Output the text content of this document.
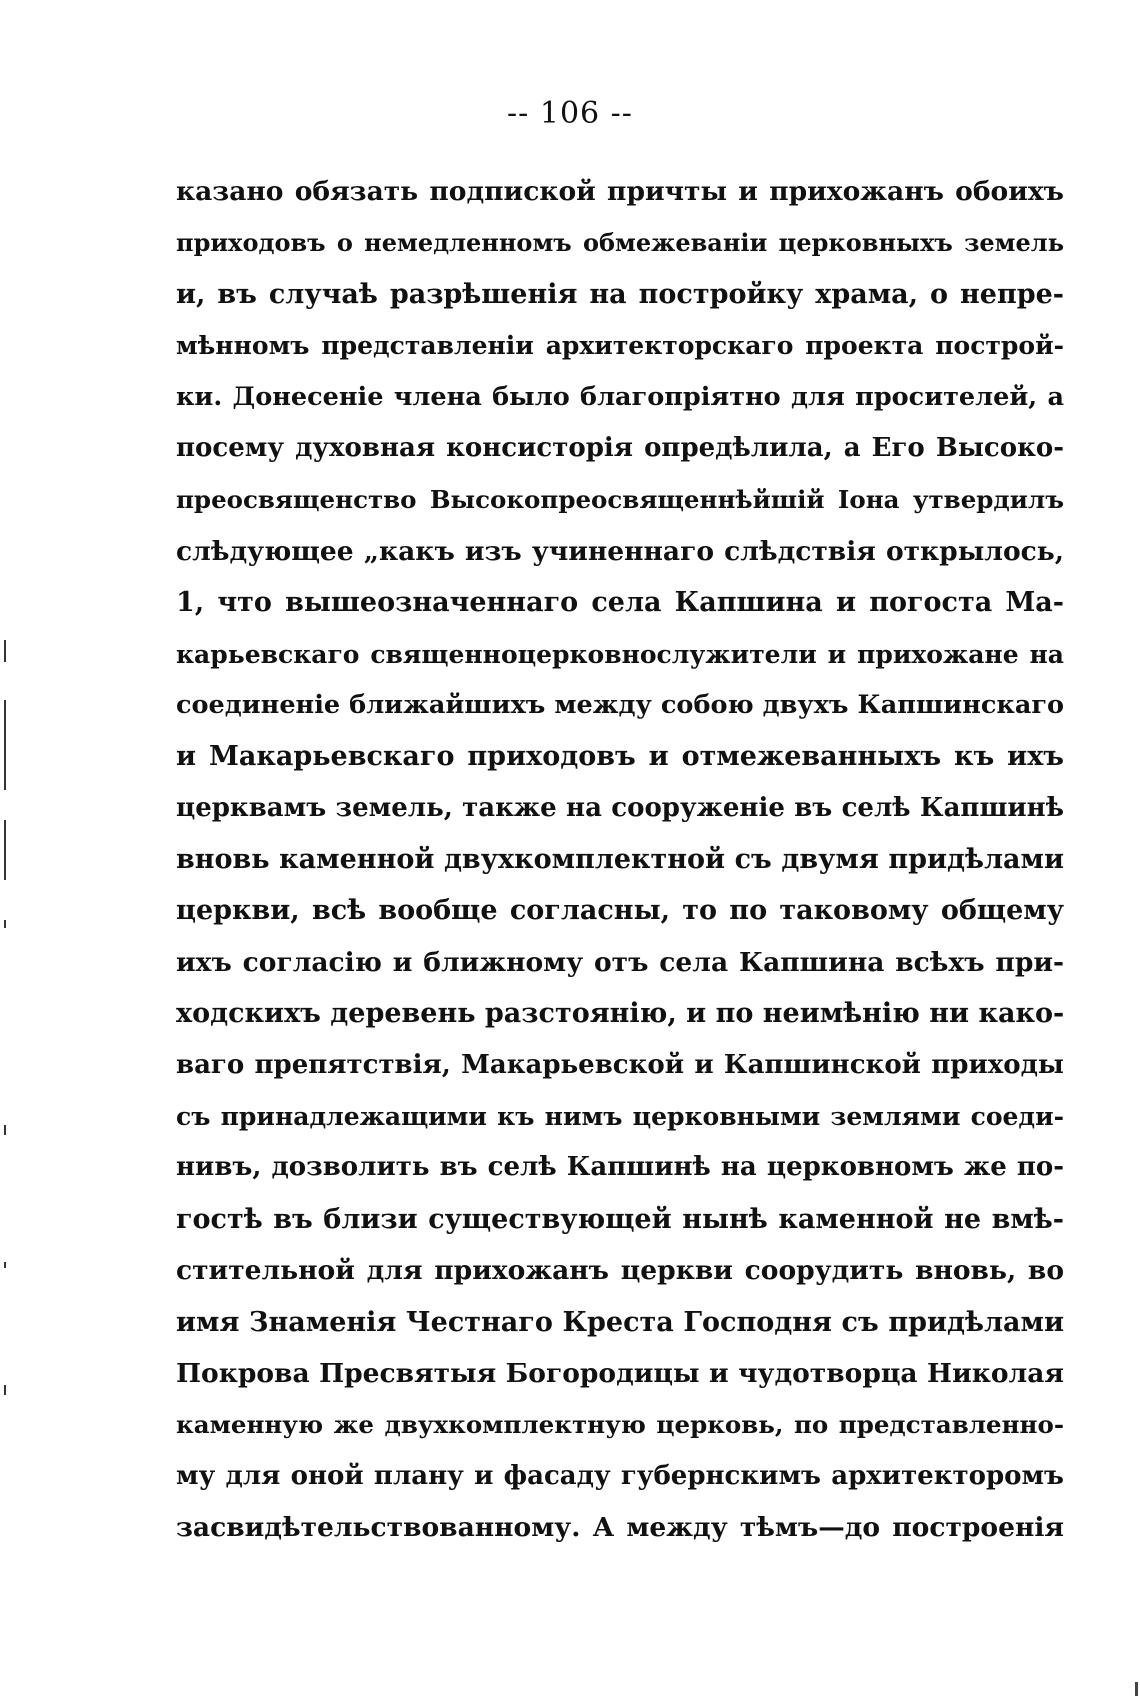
-- 106 --
казано обязать подпиской причты и прихожанъ обоихъ
приходовъ о немедленномъ обмежеваніи церковныхъ земель
и, въ случаѣ разрѣшенія на постройку храма, о непре-
мѣнномъ представленіи архитекторскаго проекта построй-
ки. Донесеніе члена было благопріятно для просителей, а
посему духовная консисторія опредѣлила, а Его Высоко-
преосвященство Высокопреосвященнѣйшій Іона утвердилъ
слѣдующее „какъ изъ учиненнаго слѣдствія открылось,
1, что вышеозначеннаго села Капшина и погоста Ма-
карьевскаго священноцерковнослужители и прихожане на
соединеніе ближайшихъ между собою двухъ Капшинскаго
и Макарьевскаго приходовъ и отмежеванныхъ къ ихъ
церквамъ земель, также на сооруженіе въ селѣ Капшинѣ
вновь каменной двухкомплектной съ двумя придѣлами
церкви, всѣ вообще согласны, то по таковому общему
ихъ согласію и ближному отъ села Капшина всѣхъ при-
ходскихъ деревень разстоянію, и по неимѣнію ни како-
ваго препятствія, Макарьевской и Капшинской приходы
съ принадлежащими къ нимъ церковными землями соеди-
нивъ, дозволить въ селѣ Капшинѣ на церковномъ же по-
гостѣ въ близи существующей нынѣ каменной не вмѣ-
стительной для прихожанъ церкви соорудить вновь, во
имя Знаменія Честнаго Креста Господня съ придѣлами
Покрова Пресвятыя Богородицы и чудотворца Николая
каменную же двухкомплектную церковь, по представленно-
му для оной плану и фасаду губернскимъ архитекторомъ
засвидѣтельствованному. А между тѣмъ—до построенія
